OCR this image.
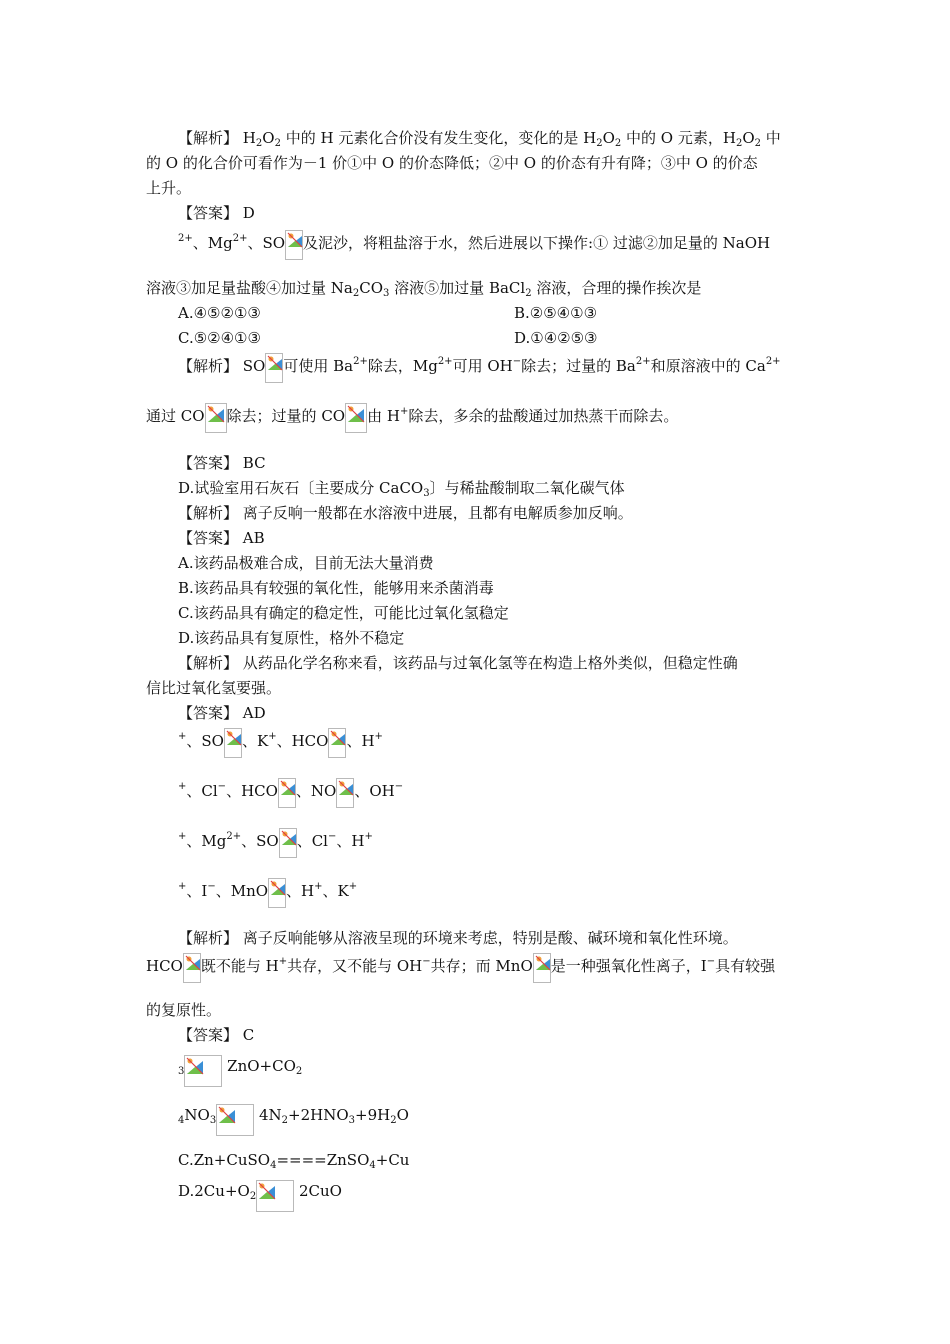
【解析】 $H_2O_2$ 中的 H 元素化合价没有发生变化，变化的是 $H_2O_2$ 中的 O 元素，$H_2O_2$ 中
的 O 的化合价可看作为－1 价①中 O 的价态降低；②中 O 的价态有升有降；③中 O 的价态
上升。
【答案】 D
$^{2+}$、$Mg^{2+}$、SO 及泥沙，将粗盐溶于水，然后进展以下操作:① 过滤②加足量的 NaOH
溶液③加足量盐酸④加过量 $Na_2CO_3$ 溶液⑤加过量 BaCl$_2$ 溶液，合理的操作挨次是
A.④⑤②①③	B.②⑤④①③
C.⑤②④①③	D.①④②⑤③
【解析】 SO 可使用 $Ba^{2+}$除去，$Mg^{2+}$可用 OH−除去；过量的 $Ba^{2+}$和原溶液中的 $Ca^{2+}$
通过 CO 除去；过量的 CO 由 H+除去，多余的盐酸通过加热蒸干而除去。
【答案】 BC
D.试验室用石灰石〔主要成分 CaCO$_3$〕与稀盐酸制取二氧化碳气体
【解析】 离子反响一般都在水溶液中进展，且都有电解质参加反响。
【答案】 AB
A.该药品极难合成，目前无法大量消费
B.该药品具有较强的氧化性，能够用来杀菌消毒
C.该药品具有确定的稳定性，可能比过氧化氢稳定
D.该药品具有复原性，格外不稳定
【解析】 从药品化学名称来看，该药品与过氧化氢等在构造上格外类似，但稳定性确
信比过氧化氢要强。
【答案】 AD
+、SO 、K+、HCO 、H+
+、Cl−、HCO 、NO 、OH−
+、$Mg^{2+}$、SO 、Cl−、H+
+、I−、MnO 、H+、K+
【解析】 离子反响能够从溶液呈现的环境来考虑，特别是酸、碱环境和氧化性环境。
HCO 既不能与 H+共存，又不能与 OH−共存；而 MnO 是一种强氧化性离子，I−具有较强
的复原性。
【答案】 C
$_3$	$ZnO+CO_2$
$_4NO_3$	$4N_2+2HNO_3+9H_2O$
C.Zn+CuSO$_4$====ZnSO$_4$+Cu
$D.2Cu+O_2$	2CuO
